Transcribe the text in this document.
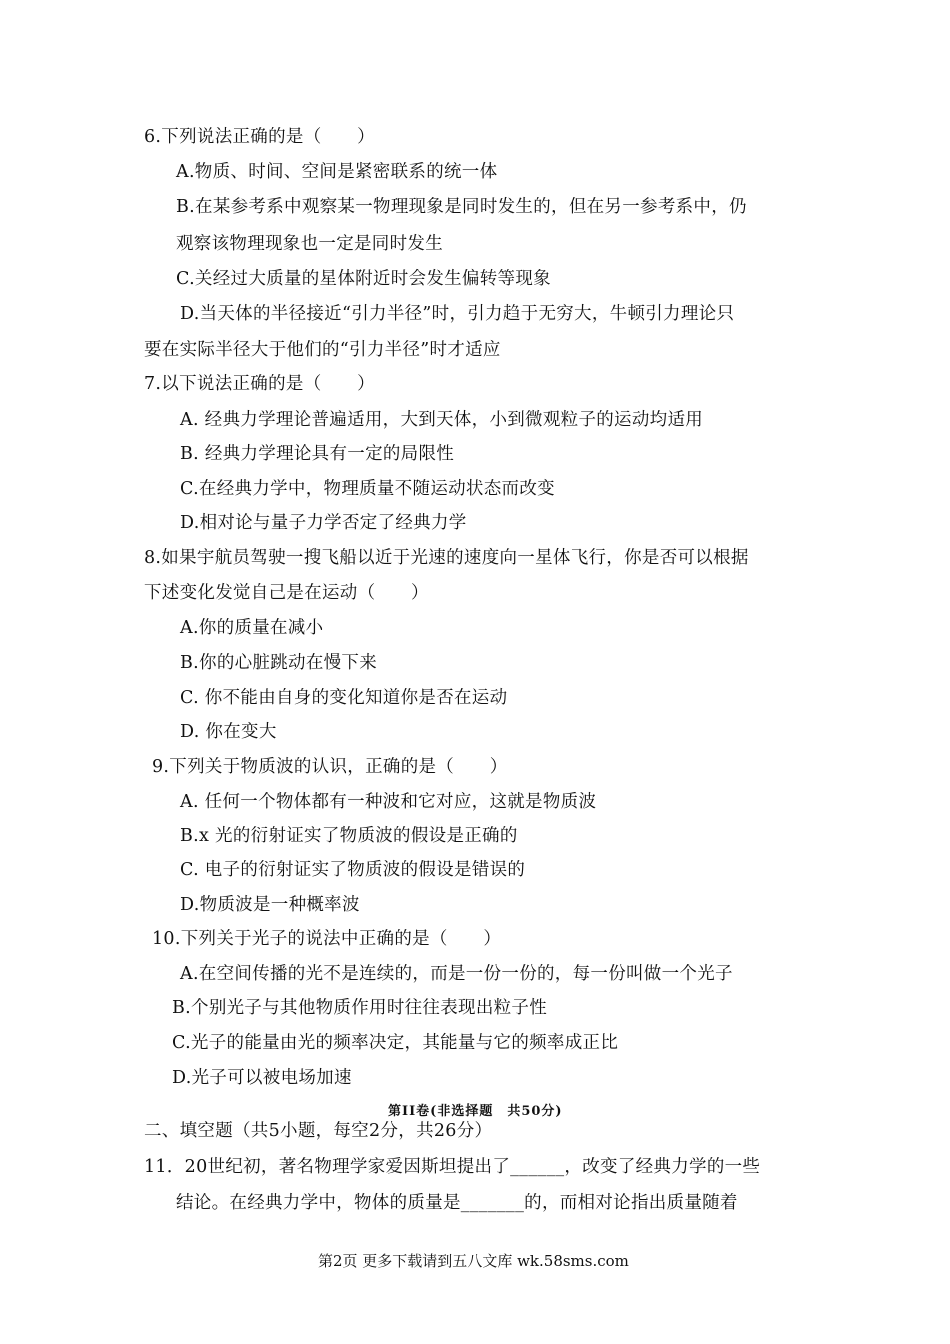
6.下列说法正确的是（　　）
A.物质、时间、空间是紧密联系的统一体
B.在某参考系中观察某一物理现象是同时发生的，但在另一参考系中，仍
观察该物理现象也一定是同时发生
C.关经过大质量的星体附近时会发生偏转等现象
D.当天体的半径接近“引力半径”时，引力趋于无穷大，牛顿引力理论只
要在实际半径大于他们的“引力半径”时才适应
7.以下说法正确的是（　　）
A. 经典力学理论普遍适用，大到天体，小到微观粒子的运动均适用
B. 经典力学理论具有一定的局限性
C.在经典力学中，物理质量不随运动状态而改变
D.相对论与量子力学否定了经典力学
8.如果宇航员驾驶一搜飞船以近于光速的速度向一星体飞行，你是否可以根据
下述变化发觉自己是在运动（　　）
A.你的质量在减小
B.你的心脏跳动在慢下来
C. 你不能由自身的变化知道你是否在运动
D. 你在变大
9.下列关于物质波的认识，正确的是（　　）
A. 任何一个物体都有一种波和它对应，这就是物质波
B.x 光的衍射证实了物质波的假设是正确的
C. 电子的衍射证实了物质波的假设是错误的
D.物质波是一种概率波
10.下列关于光子的说法中正确的是（　　）
A.在空间传播的光不是连续的，而是一份一份的，每一份叫做一个光子
B.个别光子与其他物质作用时往往表现出粒子性
C.光子的能量由光的频率决定，其能量与它的频率成正比
D.光子可以被电场加速
第II卷(非选择题　共50分)
二、填空题（共5小题，每空2分，共26分）
11．20世纪初，著名物理学家爱因斯坦提出了______，改变了经典力学的一些
结论。在经典力学中，物体的质量是_______的，而相对论指出质量随着
第2页 更多下载请到五八文库 wk.58sms.com
